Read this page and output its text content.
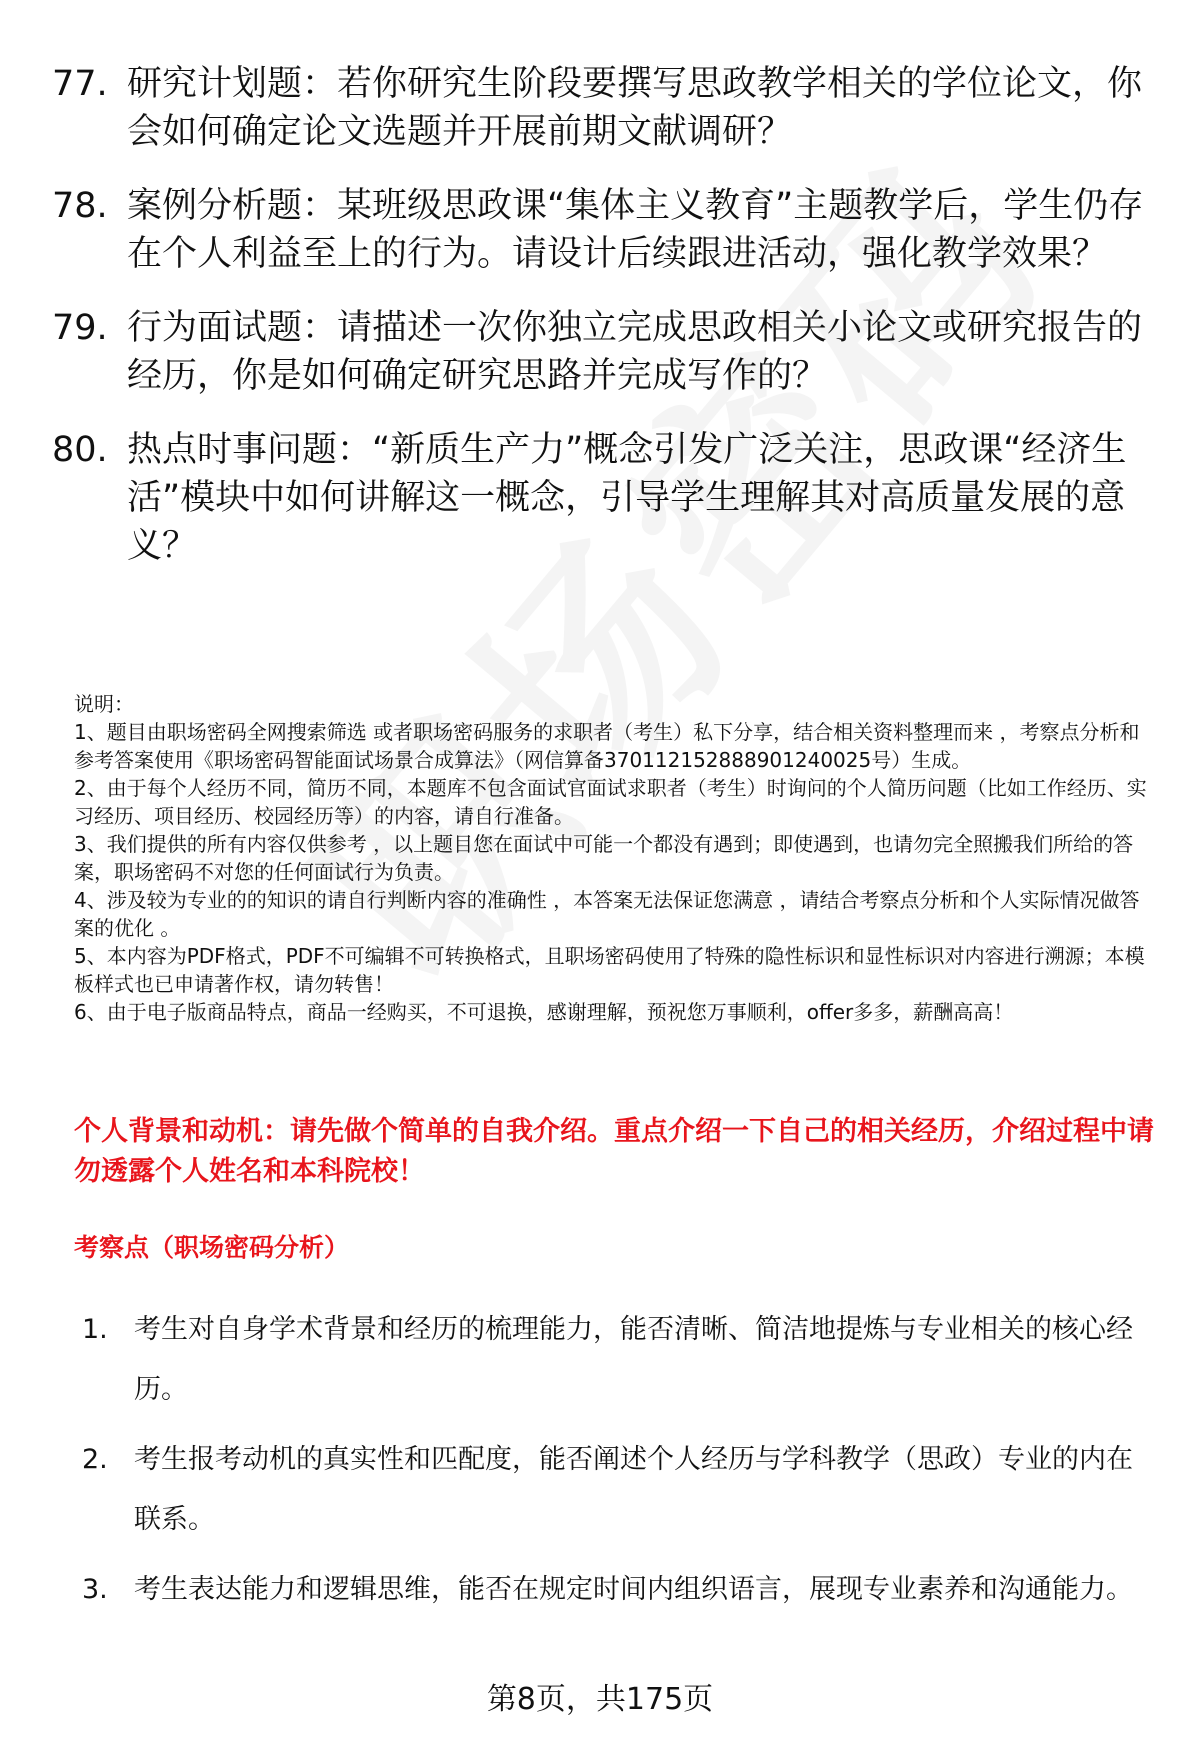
77. 研究计划题：若你研究生阶段要撰写思政教学相关的学位论文，你会如何确定论文选题并开展前期文献调研？
78. 案例分析题：某班级思政课“集体主义教育”主题教学后，学生仍存在个人利益至上的行为。请设计后续跟进活动，强化教学效果？
79. 行为面试题：请描述一次你独立完成思政相关小论文或研究报告的经历，你是如何确定研究思路并完成写作的？
80. 热点时事问题：“新质生产力”概念引发广泛关注，思政课“经济生活”模块中如何讲解这一概念，引导学生理解其对高质量发展的意义？

说明：

1、题目由职场密码全网搜索筛选 或者职场密码服务的求职者（考生）私下分享，结合相关资料整理而来 ，考察点分析和参考答案使用《职场密码智能面试场景合成算法》（网信算备370112152888901240025号）生成。

2、由于每个人经历不同，简历不同，本题库不包含面试官面试求职者（考生）时询问的个人简历问题（比如工作经历、实习经历、项目经历、校园经历等）的内容，请自行准备。

3、我们提供的所有内容仅供参考 ，以上题目您在面试中可能一个都没有遇到；即使遇到，也请勿完全照搬我们所给的答案，职场密码不对您的任何面试行为负责。

4、涉及较为专业的的知识的请自行判断内容的准确性 ，本答案无法保证您满意 ，请结合考察点分析和个人实际情况做答案的优化 。

5、本内容为PDF格式，PDF不可编辑不可转换格式，且职场密码使用了特殊的隐性标识和显性标识对内容进行溯源；本模板样式也已申请著作权，请勿转售！

6、由于电子版商品特点，商品一经购买，不可退换，感谢理解，预祝您万事顺利，offer多多，薪酬高高！

个人背景和动机：请先做个简单的自我介绍。重点介绍一下自己的相关经历，介绍过程中请勿透露个人姓名和本科院校！
考察点（职场密码分析）
1. 考生对自身学术背景和经历的梳理能力，能否清晰、简洁地提炼与专业相关的核心经历。
2. 考生报考动机的真实性和匹配度，能否阐述个人经历与学科教学（思政）专业的内在联系。
3. 考生表达能力和逻辑思维，能否在规定时间内组织语言，展现专业素养和沟通能力。
第8页，共175页
